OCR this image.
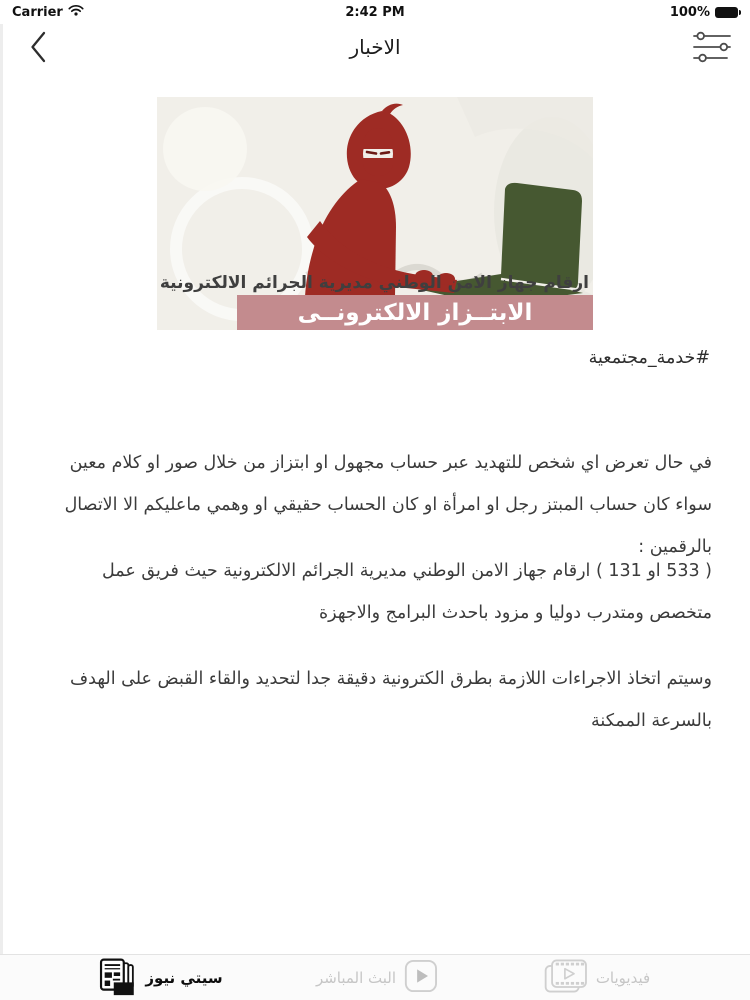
Carrier	2:42 PM	100%
الاخبار
ارقام جهاز الامن الوطني مديرية الجرائم الالكترونية
الابتــزاز الالكترونــى
#خدمة_مجتمعية

في حال تعرض اي شخص للتهديد عبر حساب مجهول او ابتزاز من خلال صور او كلام معين سواء كان حساب المبتز رجل او امرأة او كان الحساب حقيقي او وهمي ماعليكم الا الاتصال بالرقمين :

( 533 او 131 ) ارقام جهاز الامن الوطني مديرية الجرائم الالكترونية حيث فريق عمل متخصص ومتدرب دوليا و مزود باحدث البرامج والاجهزة

وسيتم اتخاذ الاجراءات اللازمة بطرق الكترونية دقيقة جدا لتحديد والقاء القبض على الهدف بالسرعة الممكنة

سيتي نيوز	البث المباشر	فيديويات
